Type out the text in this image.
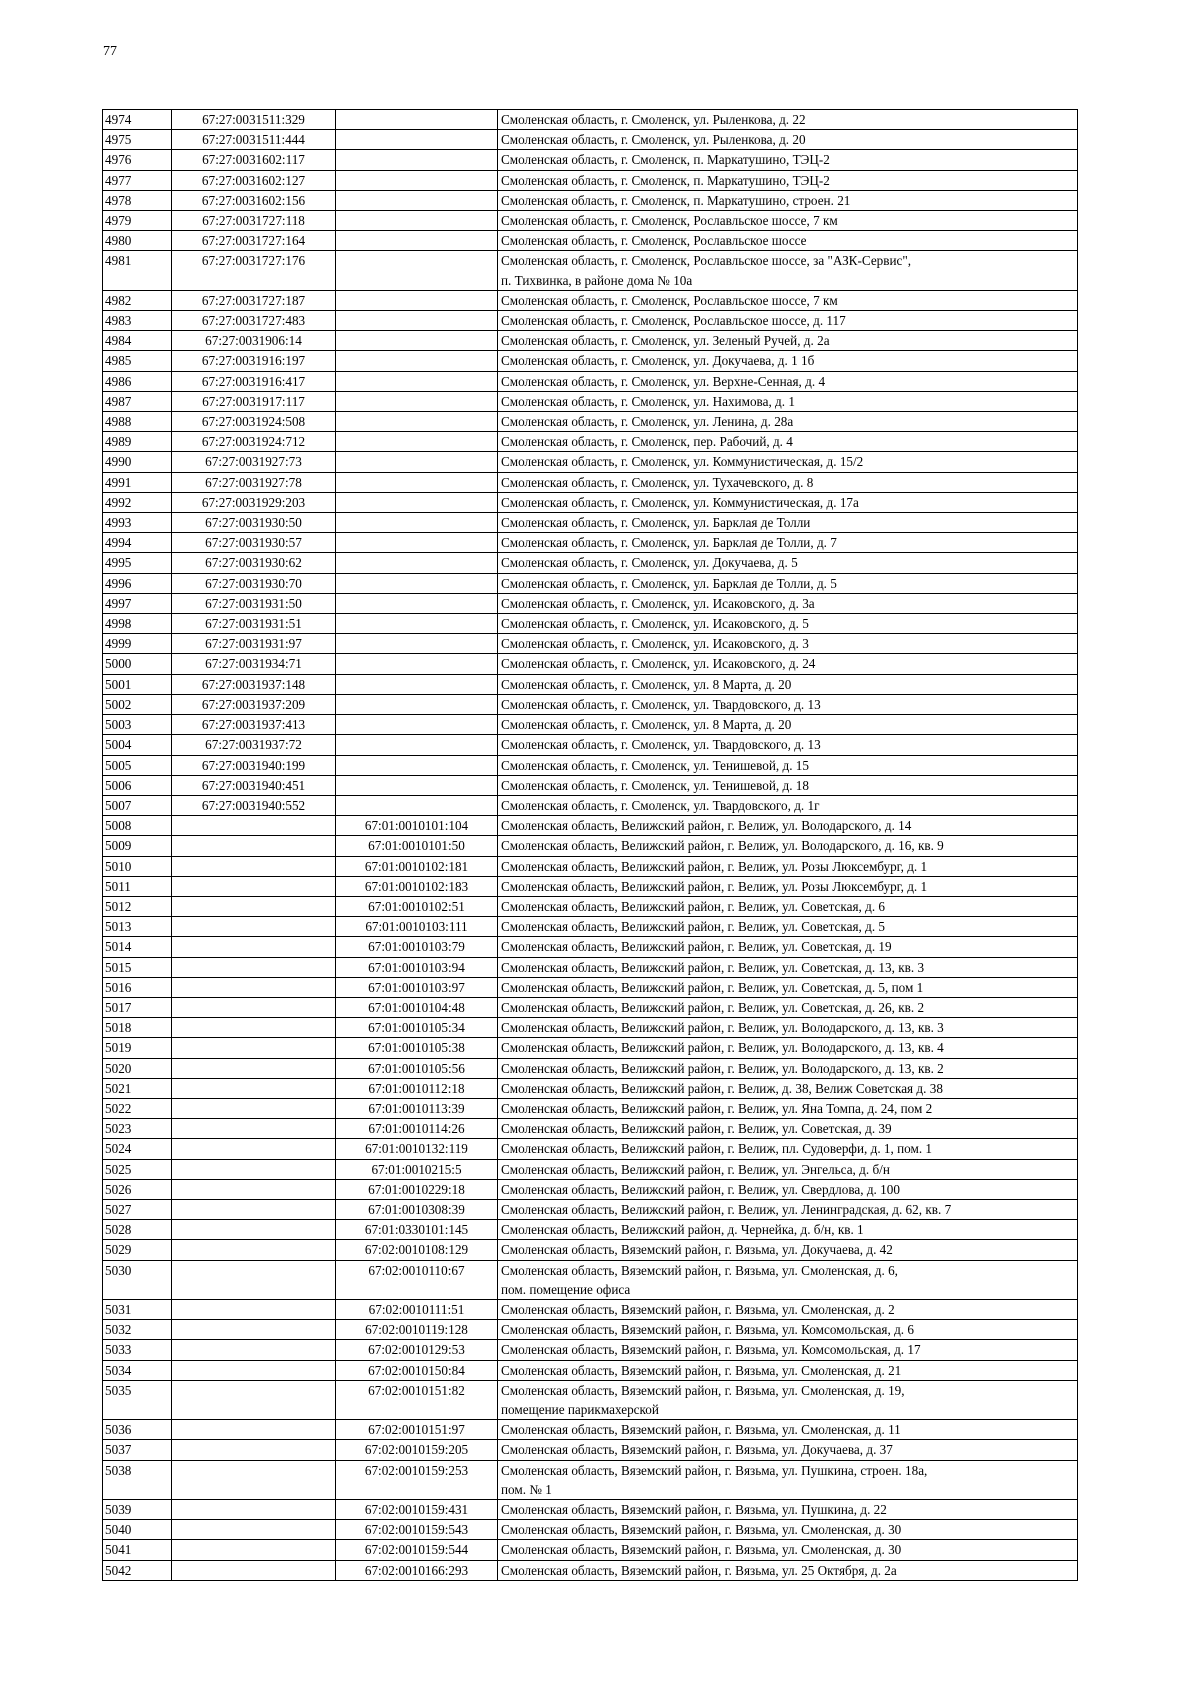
77
4974	67:27:0031511:329		Смоленская область, г. Смоленск, ул. Рыленкова, д. 22

4975	67:27:0031511:444		Смоленская область, г. Смоленск, ул. Рыленкова, д. 20

4976	67:27:0031602:117		Смоленская область, г. Смоленск, п. Маркатушино, ТЭЦ-2

4977	67:27:0031602:127		Смоленская область, г. Смоленск, п. Маркатушино, ТЭЦ-2

4978	67:27:0031602:156		Смоленская область, г. Смоленск, п. Маркатушино, строен. 21

4979	67:27:0031727:118		Смоленская область, г. Смоленск, Рославльское шоссе, 7 км

4980	67:27:0031727:164		Смоленская область, г. Смоленск, Рославльское шоссе

4981	67:27:0031727:176		Смоленская область, г. Смоленск, Рославльское шоссе, за "АЗК-Сервис",
п. Тихвинка, в районе дома № 10а

4982	67:27:0031727:187		Смоленская область, г. Смоленск, Рославльское шоссе, 7 км

4983	67:27:0031727:483		Смоленская область, г. Смоленск, Рославльское шоссе, д. 117

4984	67:27:0031906:14		Смоленская область, г. Смоленск, ул. Зеленый Ручей, д. 2а

4985	67:27:0031916:197		Смоленская область, г. Смоленск, ул. Докучаева, д. 1 1б

4986	67:27:0031916:417		Смоленская область, г. Смоленск, ул. Верхне-Сенная, д. 4

4987	67:27:0031917:117		Смоленская область, г. Смоленск, ул. Нахимова, д. 1

4988	67:27:0031924:508		Смоленская область, г. Смоленск, ул. Ленина, д. 28а

4989	67:27:0031924:712		Смоленская область, г. Смоленск, пер. Рабочий, д. 4

4990	67:27:0031927:73		Смоленская область, г. Смоленск, ул. Коммунистическая, д. 15/2

4991	67:27:0031927:78		Смоленская область, г. Смоленск, ул. Тухачевского, д. 8

4992	67:27:0031929:203		Смоленская область, г. Смоленск, ул. Коммунистическая, д. 17а

4993	67:27:0031930:50		Смоленская область, г. Смоленск, ул. Барклая де Толли

4994	67:27:0031930:57		Смоленская область, г. Смоленск, ул. Барклая де Толли, д. 7

4995	67:27:0031930:62		Смоленская область, г. Смоленск, ул. Докучаева, д. 5

4996	67:27:0031930:70		Смоленская область, г. Смоленск, ул. Барклая де Толли, д. 5

4997	67:27:0031931:50		Смоленская область, г. Смоленск, ул. Исаковского, д. 3а

4998	67:27:0031931:51		Смоленская область, г. Смоленск, ул. Исаковского, д. 5

4999	67:27:0031931:97		Смоленская область, г. Смоленск, ул. Исаковского, д. 3

5000	67:27:0031934:71		Смоленская область, г. Смоленск, ул. Исаковского, д. 24

5001	67:27:0031937:148		Смоленская область, г. Смоленск, ул. 8 Марта, д. 20

5002	67:27:0031937:209		Смоленская область, г. Смоленск, ул. Твардовского, д. 13

5003	67:27:0031937:413		Смоленская область, г. Смоленск, ул. 8 Марта, д. 20

5004	67:27:0031937:72		Смоленская область, г. Смоленск, ул. Твардовского, д. 13

5005	67:27:0031940:199		Смоленская область, г. Смоленск, ул. Тенишевой, д. 15

5006	67:27:0031940:451		Смоленская область, г. Смоленск, ул. Тенишевой, д. 18

5007	67:27:0031940:552		Смоленская область, г. Смоленск, ул. Твардовского, д. 1г

5008		67:01:0010101:104	Смоленская область, Велижский район, г. Велиж, ул. Володарского, д. 14

5009		67:01:0010101:50	Смоленская область, Велижский район, г. Велиж, ул. Володарского, д. 16, кв. 9

5010		67:01:0010102:181	Смоленская область, Велижский район, г. Велиж, ул. Розы Люксембург, д. 1

5011		67:01:0010102:183	Смоленская область, Велижский район, г. Велиж, ул. Розы Люксембург, д. 1

5012		67:01:0010102:51	Смоленская область, Велижский район, г. Велиж, ул. Советская, д. 6

5013		67:01:0010103:111	Смоленская область, Велижский район, г. Велиж, ул. Советская, д. 5

5014		67:01:0010103:79	Смоленская область, Велижский район, г. Велиж, ул. Советская, д. 19

5015		67:01:0010103:94	Смоленская область, Велижский район, г. Велиж, ул. Советская, д. 13, кв. 3

5016		67:01:0010103:97	Смоленская область, Велижский район, г. Велиж, ул. Советская, д. 5, пом 1

5017		67:01:0010104:48	Смоленская область, Велижский район, г. Велиж, ул. Советская, д. 26, кв. 2

5018		67:01:0010105:34	Смоленская область, Велижский район, г. Велиж, ул. Володарского, д. 13, кв. 3

5019		67:01:0010105:38	Смоленская область, Велижский район, г. Велиж, ул. Володарского, д. 13, кв. 4

5020		67:01:0010105:56	Смоленская область, Велижский район, г. Велиж, ул. Володарского, д. 13, кв. 2

5021		67:01:0010112:18	Смоленская область, Велижский район, г. Велиж, д. 38, Велиж Советская д. 38

5022		67:01:0010113:39	Смоленская область, Велижский район, г. Велиж, ул. Яна Томпа, д. 24, пом 2

5023		67:01:0010114:26	Смоленская область, Велижский район, г. Велиж, ул. Советская, д. 39

5024		67:01:0010132:119	Смоленская область, Велижский район, г. Велиж, пл. Судоверфи, д. 1, пом. 1

5025		67:01:0010215:5	Смоленская область, Велижский район, г. Велиж, ул. Энгельса, д. б/н

5026		67:01:0010229:18	Смоленская область, Велижский район, г. Велиж, ул. Свердлова, д. 100

5027		67:01:0010308:39	Смоленская область, Велижский район, г. Велиж, ул. Ленинградская, д. 62, кв. 7

5028		67:01:0330101:145	Смоленская область, Велижский район, д. Чернейка, д. б/н, кв. 1

5029		67:02:0010108:129	Смоленская область, Вяземский район, г. Вязьма, ул. Докучаева, д. 42

5030		67:02:0010110:67	Смоленская область, Вяземский район, г. Вязьма, ул. Смоленская, д. 6,
пом. помещение офиса

5031		67:02:0010111:51	Смоленская область, Вяземский район, г. Вязьма, ул. Смоленская, д. 2

5032		67:02:0010119:128	Смоленская область, Вяземский район, г. Вязьма, ул. Комсомольская, д. 6

5033		67:02:0010129:53	Смоленская область, Вяземский район, г. Вязьма, ул. Комсомольская, д. 17

5034		67:02:0010150:84	Смоленская область, Вяземский район, г. Вязьма, ул. Смоленская, д. 21

5035		67:02:0010151:82	Смоленская область, Вяземский район, г. Вязьма, ул. Смоленская, д. 19,
помещение парикмахерской

5036		67:02:0010151:97	Смоленская область, Вяземский район, г. Вязьма, ул. Смоленская, д. 11

5037		67:02:0010159:205	Смоленская область, Вяземский район, г. Вязьма, ул. Докучаева, д. 37

5038		67:02:0010159:253	Смоленская область, Вяземский район, г. Вязьма, ул. Пушкина, строен. 18а,
пом. № 1

5039		67:02:0010159:431	Смоленская область, Вяземский район, г. Вязьма, ул. Пушкина, д. 22

5040		67:02:0010159:543	Смоленская область, Вяземский район, г. Вязьма, ул. Смоленская, д. 30

5041		67:02:0010159:544	Смоленская область, Вяземский район, г. Вязьма, ул. Смоленская, д. 30

5042		67:02:0010166:293	Смоленская область, Вяземский район, г. Вязьма, ул. 25 Октября, д. 2а
